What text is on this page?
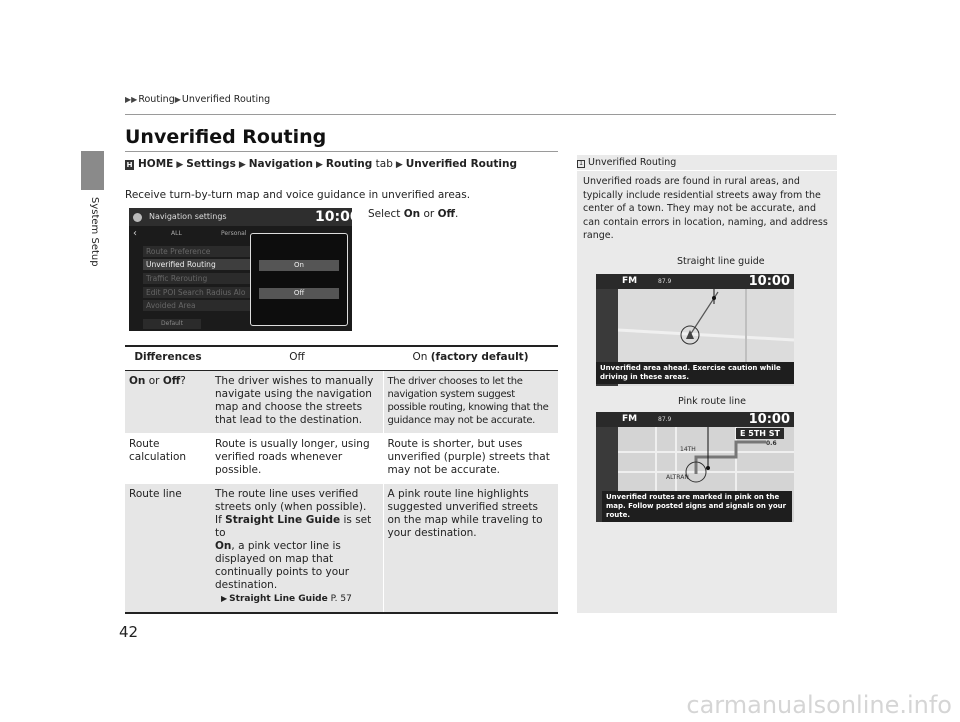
System Setup
▶▶Routing▶Unverified Routing
Unverified Routing
H HOME ▶ Settings ▶ Navigation ▶ Routing tab ▶ Unverified Routing
Receive turn-by-turn map and voice guidance in unverified areas.
Select On or Off.
Navigation settings	10:00
‹	ALL	Personal
Route Preference
Unverified Routing
Traffic Rerouting
Edit POI Search Radius Alo
Avoided Area
Default
On
Off
Differences	Off	On (factory default)
On or Off?	The driver wishes to manually navigate using the navigation map and choose the streets that lead to the destination.	The driver chooses to let the navigation system suggest possible routing, knowing that the guidance may not be accurate.
Route calculation	Route is usually longer, using verified roads whenever possible.	Route is shorter, but uses unverified (purple) streets that may not be accurate.
Route line	The route line uses verified streets only (when possible).
If Straight Line Guide is set to
On, a pink vector line is displayed on map that continually points to your destination.
▶ Straight Line Guide P. 57	A pink route line highlights suggested unverified streets on the map while traveling to your destination.
1 Unverified Routing
Unverified roads are found in rural areas, and typically include residential streets away from the center of a town. They may not be accurate, and can contain errors in location, naming, and address range.
Straight line guide
FM	87.9	10:00
Unverified area ahead. Exercise caution while driving in these areas.
Pink route line
FM	87.9	10:00
E 5TH ST
0.6
14TH
ALTRAN
Unverified routes are marked in pink on the map. Follow posted signs and signals on your route.
42
carmanualsonline.info
